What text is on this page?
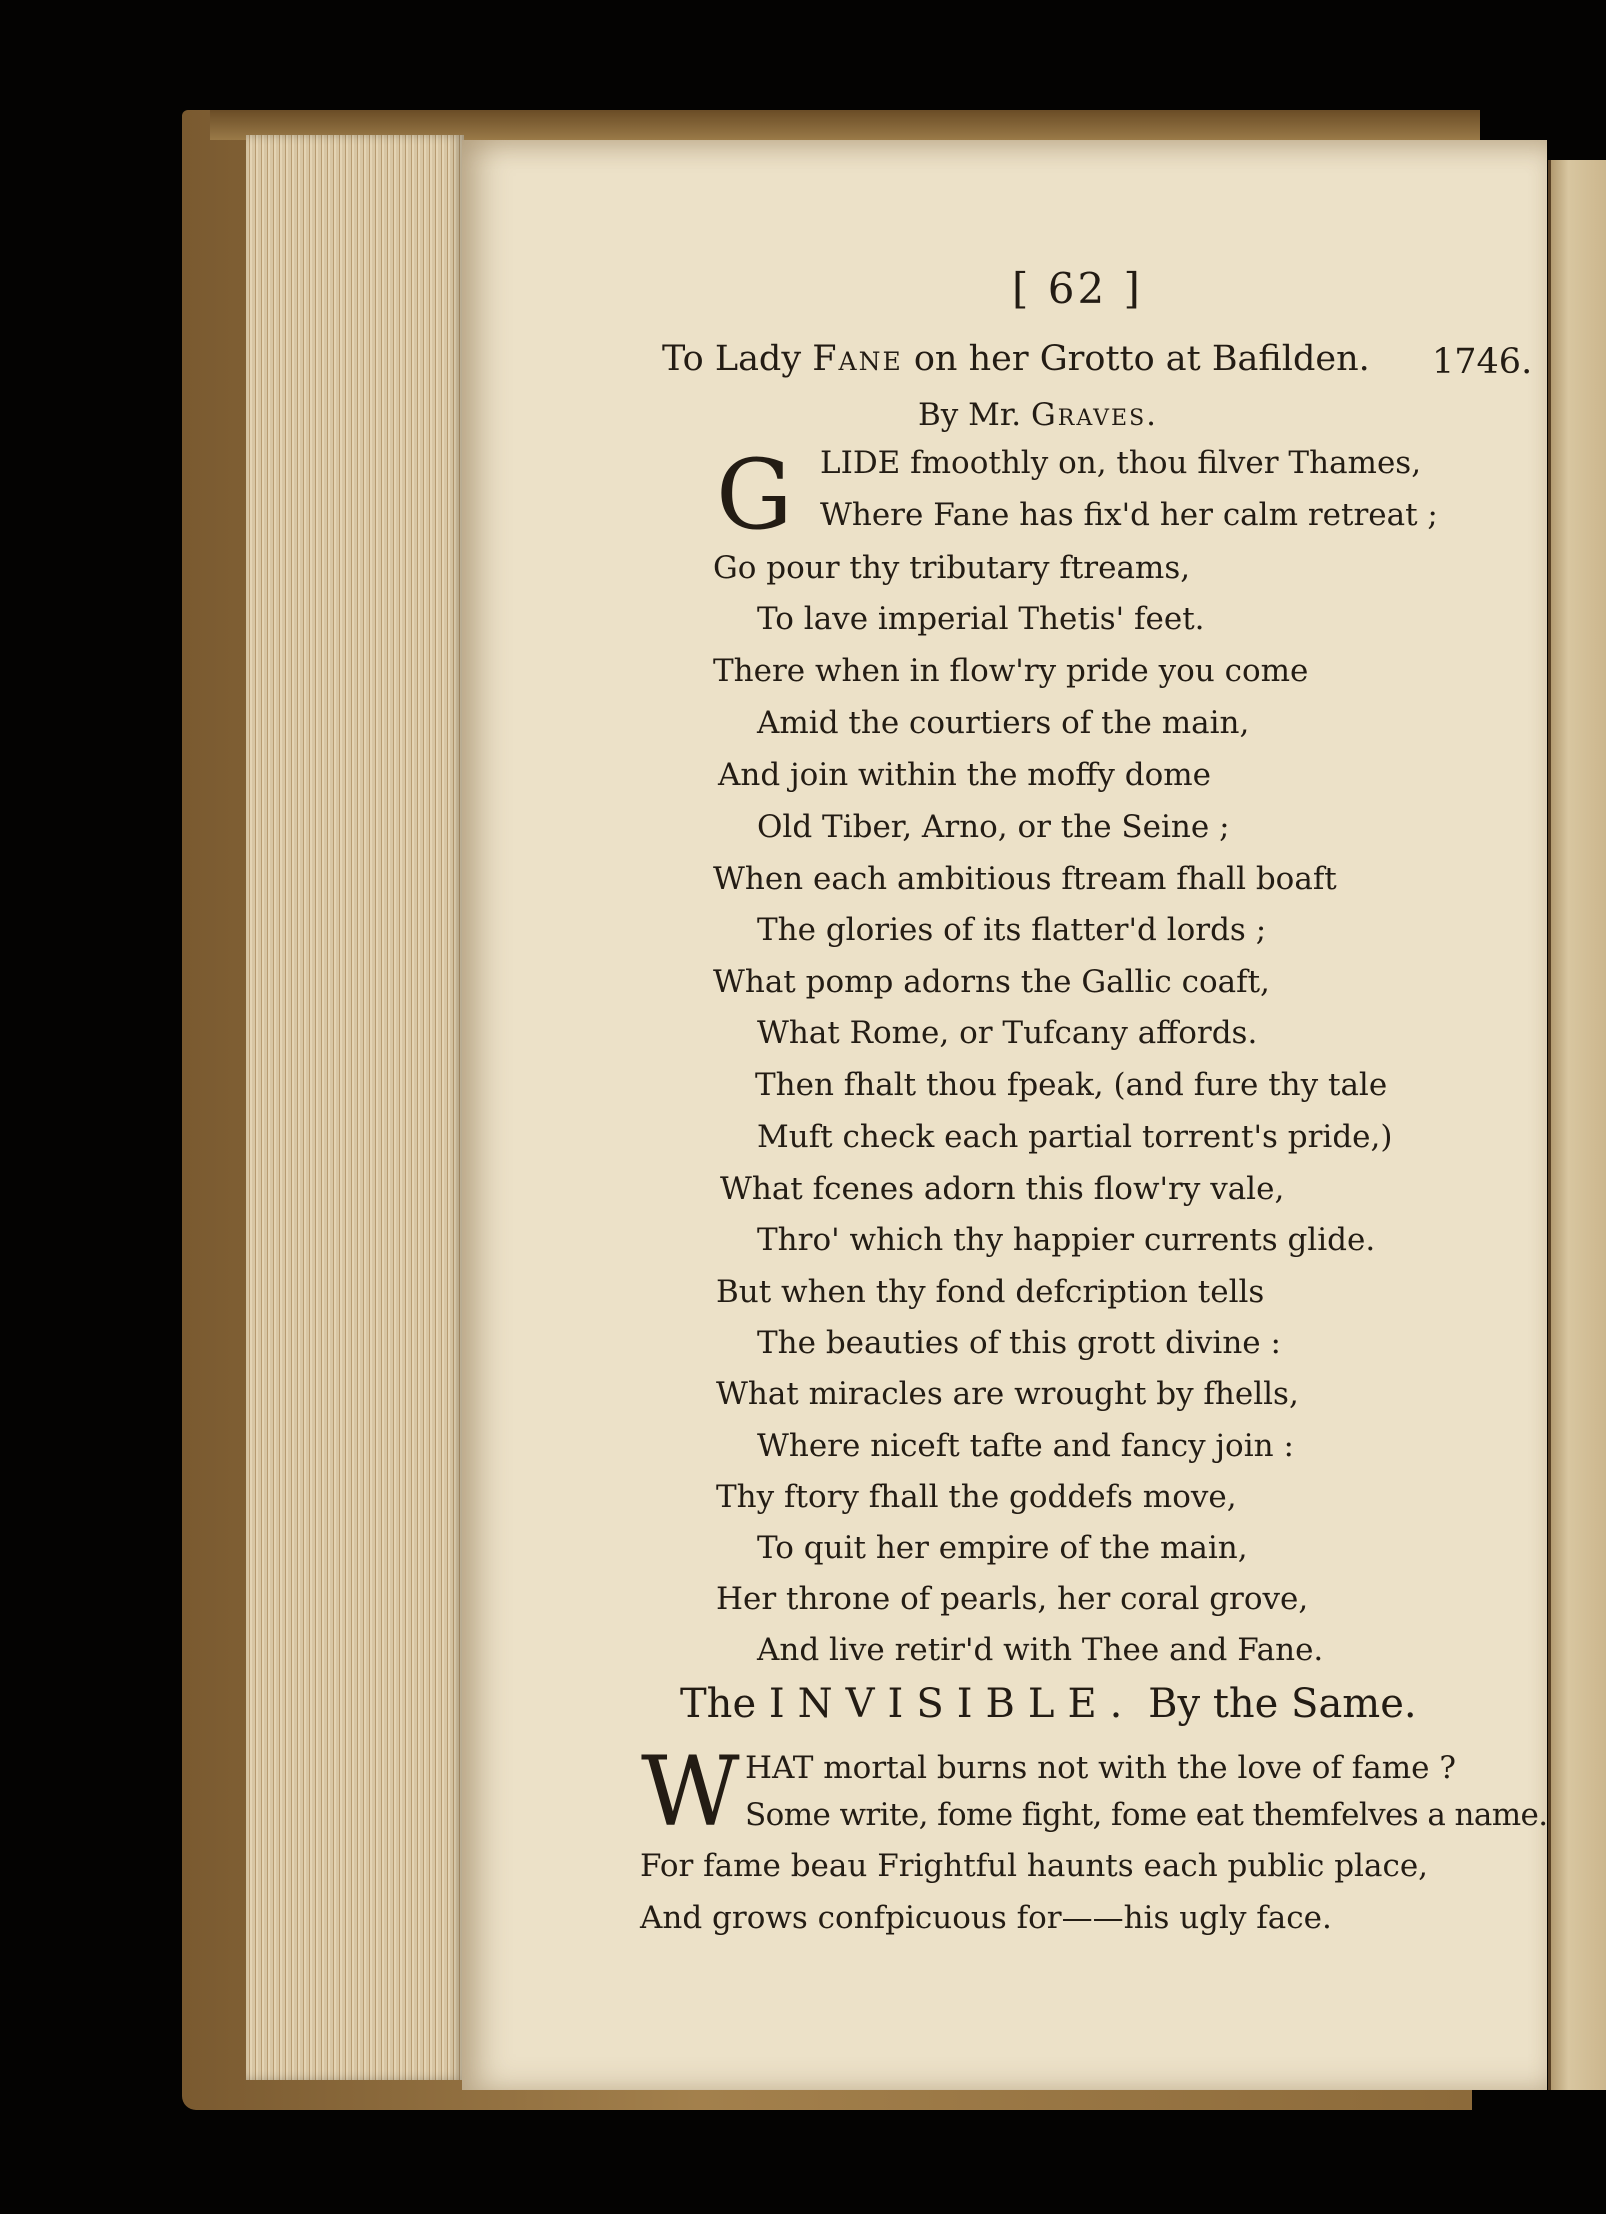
[ 62 ]
To Lady Fane on her Grotto at Bafilden. 1746.
By Mr. Graves.
G LIDE fmoothly on, thou filver Thames,
Where Fane has fix'd her calm retreat ;
Go pour thy tributary ftreams,
To lave imperial Thetis' feet.
There when in flow'ry pride you come
Amid the courtiers of the main,
And join within the moffy dome
Old Tiber, Arno, or the Seine ;
When each ambitious ftream fhall boaft
The glories of its flatter'd lords ;
What pomp adorns the Gallic coaft,
What Rome, or Tufcany affords.
Then fhalt thou fpeak, (and fure thy tale
Muft check each partial torrent's pride,)
What fcenes adorn this flow'ry vale,
Thro' which thy happier currents glide.
But when thy fond defcription tells
The beauties of this grott divine :
What miracles are wrought by fhells,
Where niceft tafte and fancy join :
Thy ftory fhall the goddefs move,
To quit her empire of the main,
Her throne of pearls, her coral grove,
And live retir'd with Thee and Fane.
The INVISIBLE. By the Same.
W HAT mortal burns not with the love of fame ?
Some write, fome fight, fome eat themfelves a name.
For fame beau Frightful haunts each public place,
And grows confpicuous for——his ugly face.
